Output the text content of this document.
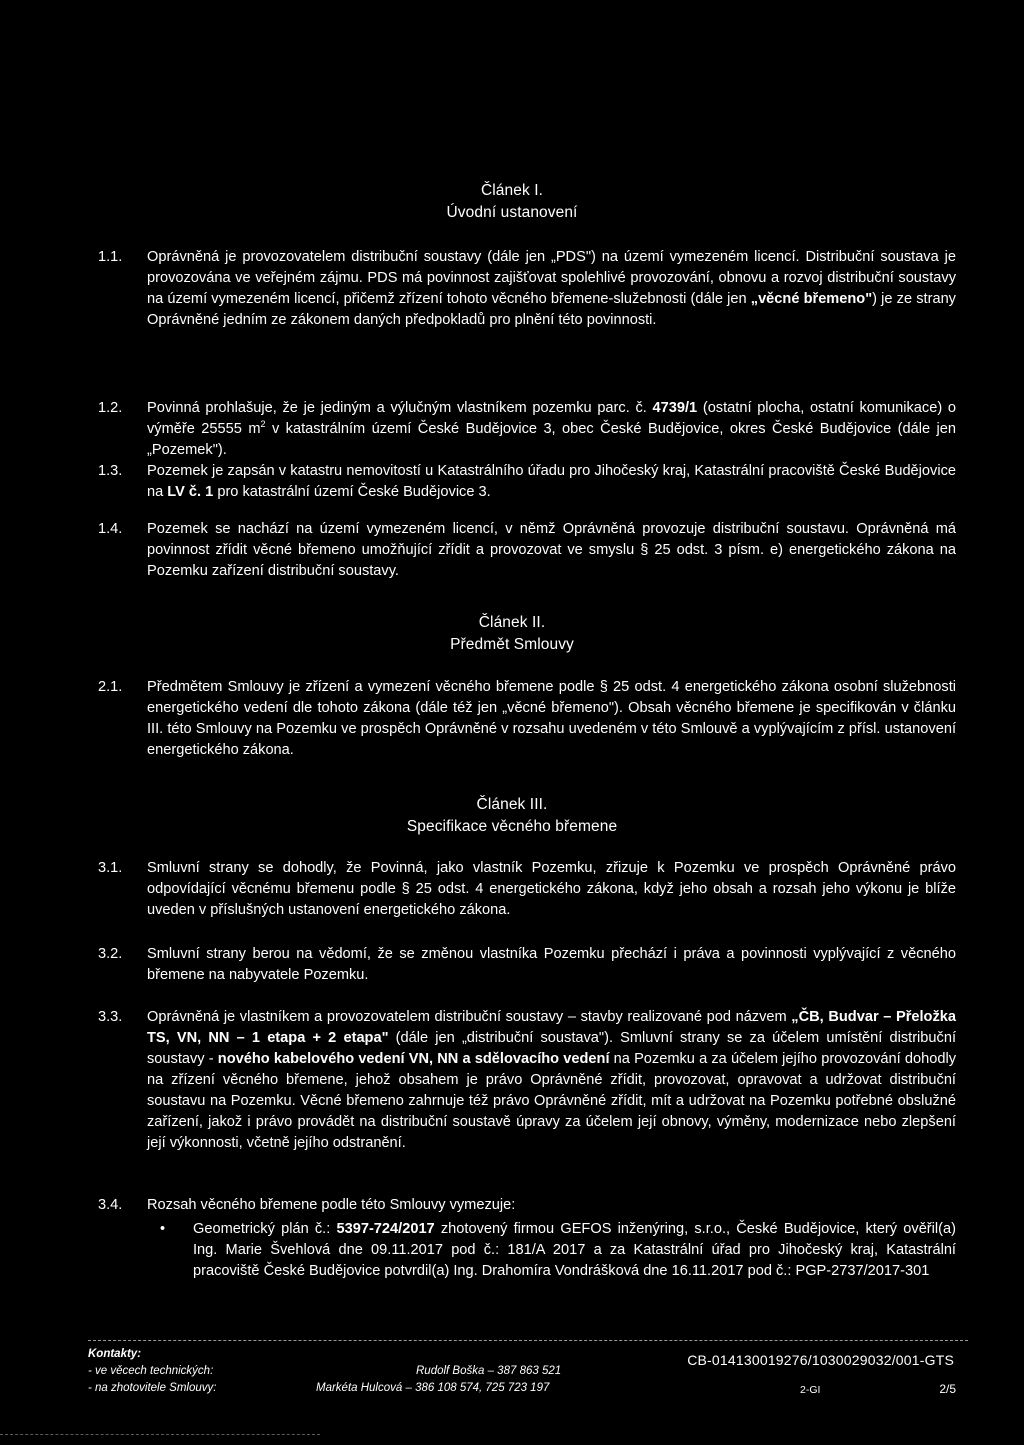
Článek I.
Úvodní ustanovení
1.1.	Oprávněná je provozovatelem distribuční soustavy (dále jen „PDS") na území vymezeném licencí. Distribuční soustava je provozována ve veřejném zájmu. PDS má povinnost zajišťovat spolehlivé provozování, obnovu a rozvoj distribuční soustavy na území vymezeném licencí, přičemž zřízení tohoto věcného břemene-služebnosti (dále jen „věcné břemeno") je ze strany Oprávněné jedním ze zákonem daných předpokladů pro plnění této povinnosti.

1.2.	Povinná prohlašuje, že je jediným a výlučným vlastníkem pozemku parc. č. 4739/1 (ostatní plocha, ostatní komunikace) o výměře 25555 $m^2$ v katastrálním území České Budějovice 3, obec České Budějovice, okres České Budějovice (dále jen „Pozemek").

1.3.	Pozemek je zapsán v katastru nemovitostí u Katastrálního úřadu pro Jihočeský kraj, Katastrální pracoviště České Budějovice na LV č. 1 pro katastrální území České Budějovice 3.

1.4.	Pozemek se nachází na území vymezeném licencí, v němž Oprávněná provozuje distribuční soustavu. Oprávněná má povinnost zřídit věcné břemeno umožňující zřídit a provozovat ve smyslu § 25 odst. 3 písm. e) energetického zákona na Pozemku zařízení distribuční soustavy.

Článek II.
Předmět Smlouvy
2.1.	Předmětem Smlouvy je zřízení a vymezení věcného břemene podle § 25 odst. 4 energetického zákona osobní služebnosti energetického vedení dle tohoto zákona (dále též jen „věcné břemeno"). Obsah věcného břemene je specifikován v článku III. této Smlouvy na Pozemku ve prospěch Oprávněné v rozsahu uvedeném v této Smlouvě a vyplývajícím z přísl. ustanovení energetického zákona.

Článek III.
Specifikace věcného břemene
3.1.	Smluvní strany se dohodly, že Povinná, jako vlastník Pozemku, zřizuje k Pozemku ve prospěch Oprávněné právo odpovídající věcnému břemenu podle § 25 odst. 4 energetického zákona, když jeho obsah a rozsah jeho výkonu je blíže uveden v příslušných ustanovení energetického zákona.

3.2.	Smluvní strany berou na vědomí, že se změnou vlastníka Pozemku přechází i práva a povinnosti vyplývající z věcného břemene na nabyvatele Pozemku.

3.3.	Oprávněná je vlastníkem a provozovatelem distribuční soustavy – stavby realizované pod názvem „ČB, Budvar – Přeložka TS, VN, NN – 1 etapa + 2 etapa" (dále jen „distribuční soustava"). Smluvní strany se za účelem umístění distribuční soustavy - nového kabelového vedení VN, NN a sdělovacího vedení na Pozemku a za účelem jejího provozování dohodly na zřízení věcného břemene, jehož obsahem je právo Oprávněné zřídit, provozovat, opravovat a udržovat distribuční soustavu na Pozemku. Věcné břemeno zahrnuje též právo Oprávněné zřídit, mít a udržovat na Pozemku potřebné obslužné zařízení, jakož i právo provádět na distribuční soustavě úpravy za účelem její obnovy, výměny, modernizace nebo zlepšení její výkonnosti, včetně jejího odstranění.

3.4.	Rozsah věcného břemene podle této Smlouvy vymezuje:

• Geometrický plán č.: 5397-724/2017 zhotovený firmou GEFOS inženýring, s.r.o., České Budějovice, který ověřil(a) Ing. Marie Švehlová dne 09.11.2017 pod č.: 181/A 2017 a za Katastrální úřad pro Jihočeský kraj, Katastrální pracoviště České Budějovice potvrdil(a) Ing. Drahomíra Vondrášková dne 16.11.2017 pod č.: PGP-2737/2017-301
Kontakty:
- ve věcech technických:	Rudolf Boška – 387 863 521
- na zhotovitele Smlouvy:	Markéta Hulcová – 386 108 574, 725 723 197
CB-014130019276/1030029032/001-GTS
2-GI	2/5
